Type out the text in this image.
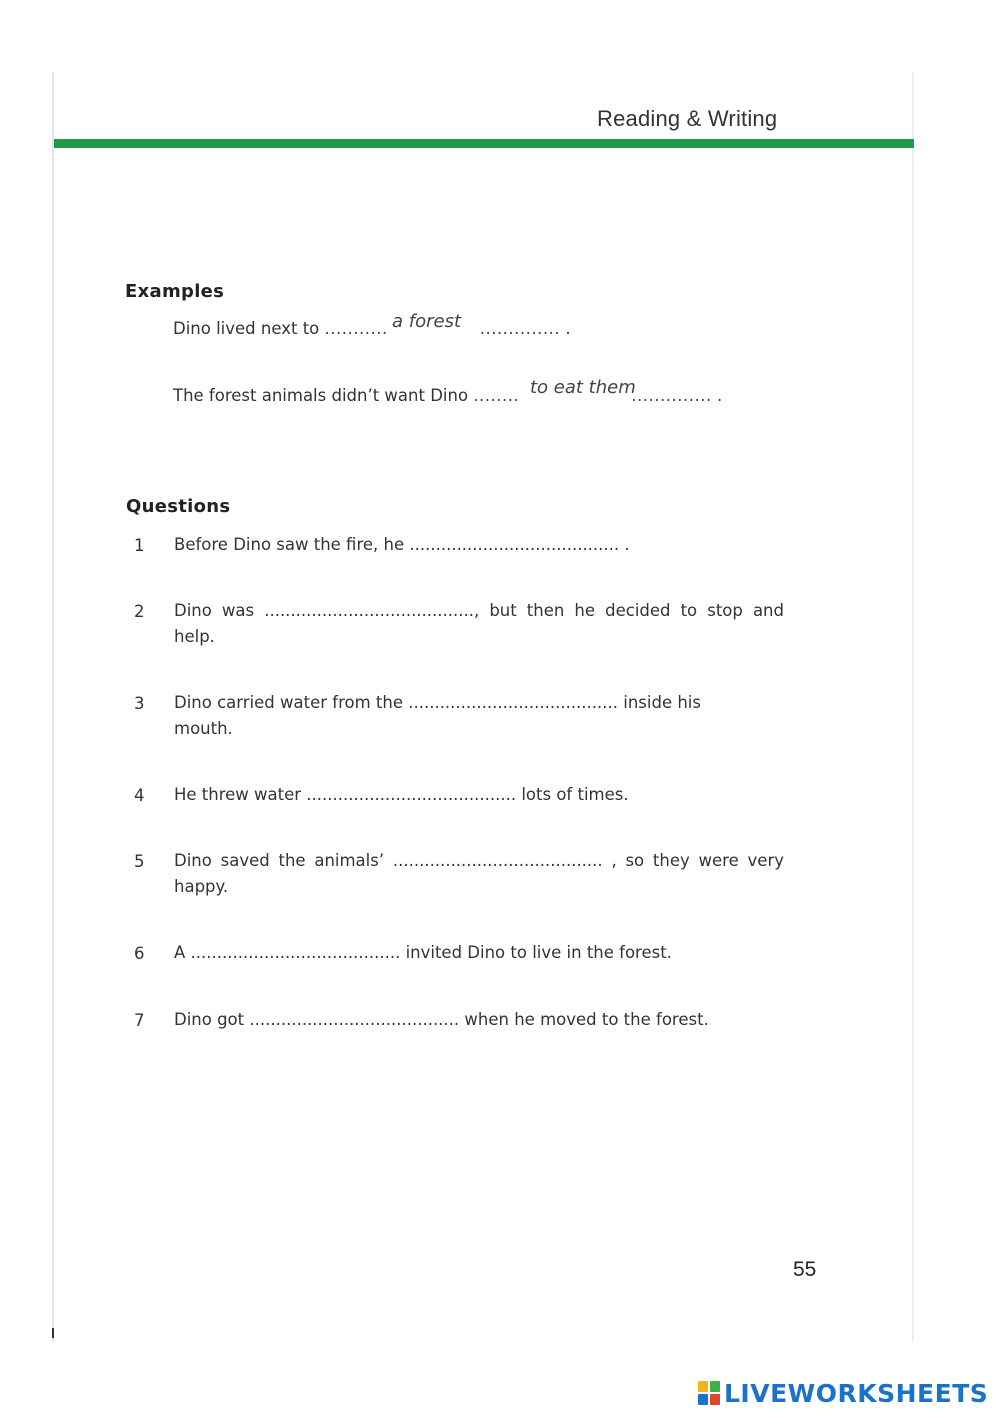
Reading & Writing
Examples
Dino lived next to ...........	.............. .
a forest
The forest animals didn’t want Dino ........	.............. .
to eat them
Questions
1 Before Dino saw the fire, he ........................................ .
2 Dino was ........................................, but then he decided to stop and help.
3 Dino carried water from the ........................................ inside his mouth.
4 He threw water ........................................ lots of times.
5 Dino saved the animals’ ........................................ , so they were very happy.
6 A ........................................ invited Dino to live in the forest.
7 Dino got ........................................ when he moved to the forest.
55
LIVEWORKSHEETS
